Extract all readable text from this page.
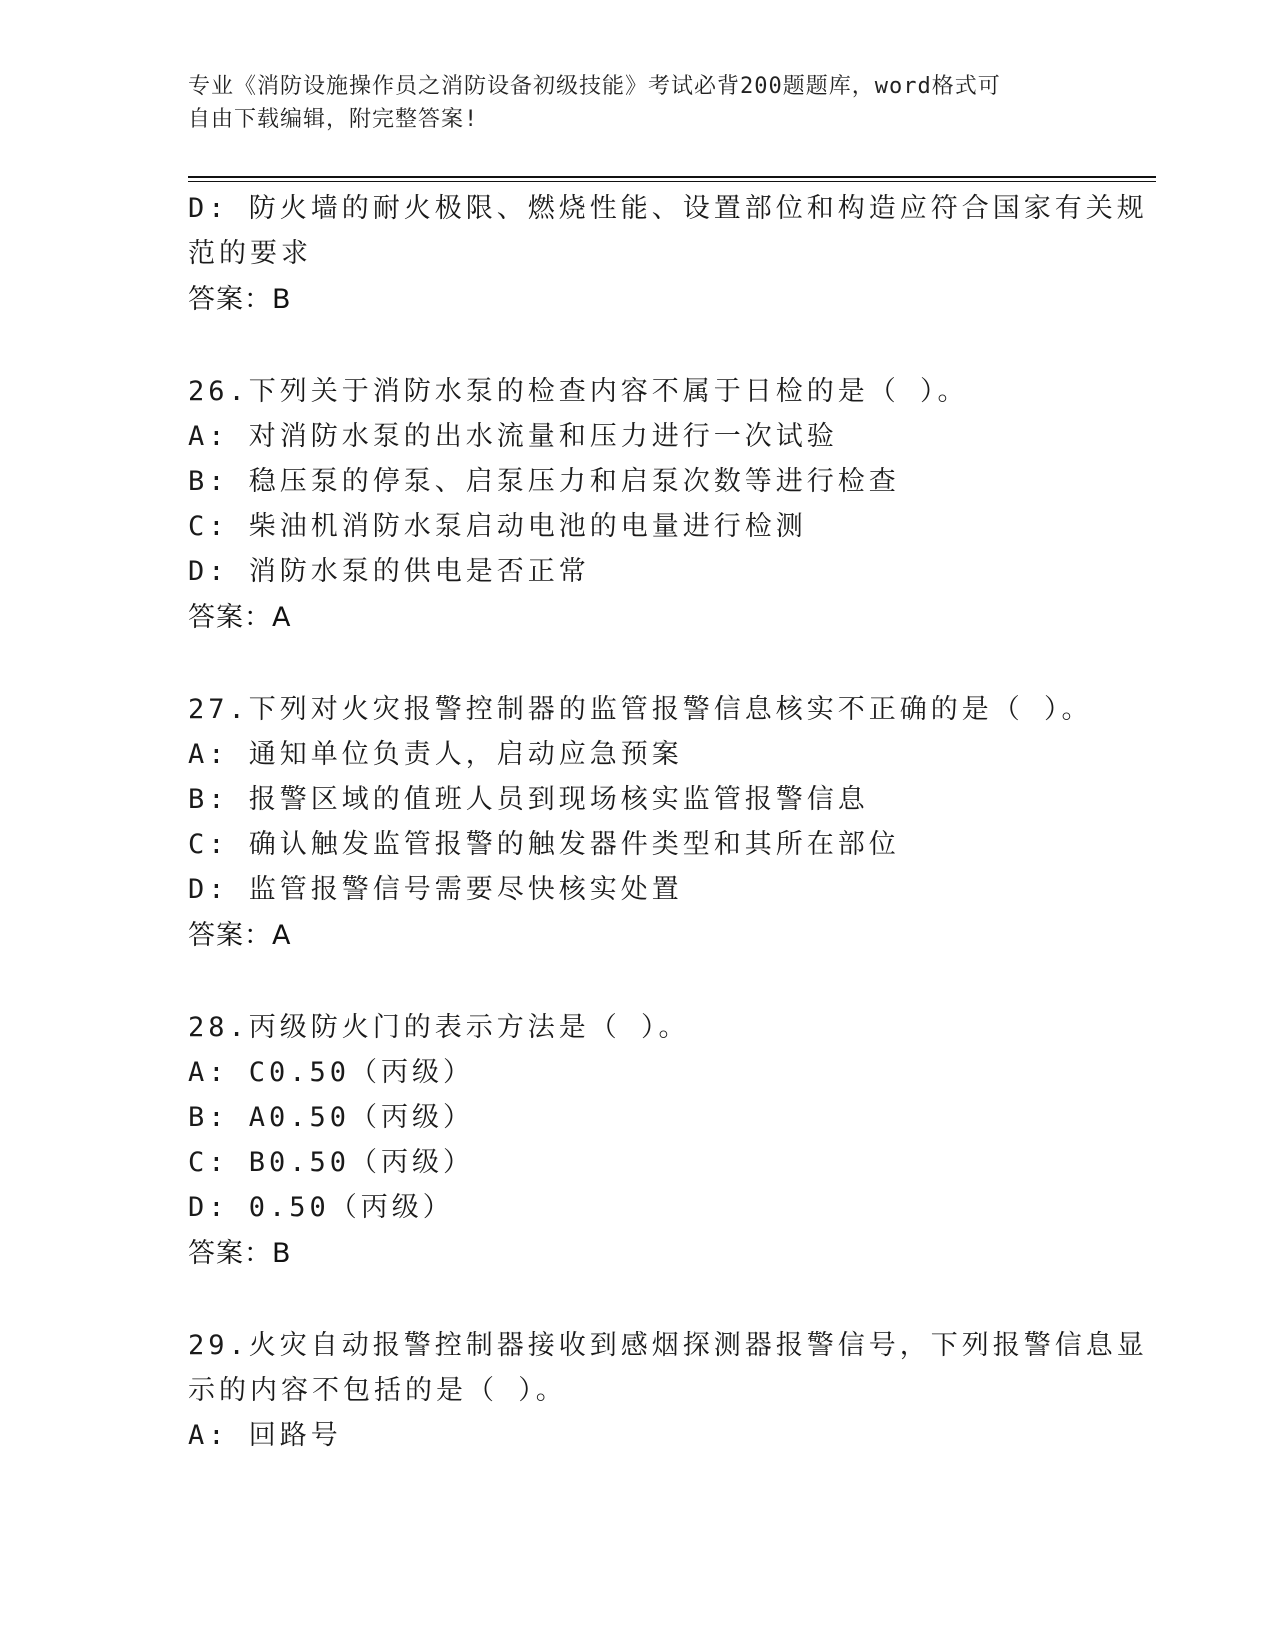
专业《消防设施操作员之消防设备初级技能》考试必背200题题库，word格式可
自由下载编辑，附完整答案!
D: 防火墙的耐火极限、燃烧性能、设置部位和构造应符合国家有关规
范的要求
答案：B
26.下列关于消防水泵的检查内容不属于日检的是（ ）。
A: 对消防水泵的出水流量和压力进行一次试验
B: 稳压泵的停泵、启泵压力和启泵次数等进行检查
C: 柴油机消防水泵启动电池的电量进行检测
D: 消防水泵的供电是否正常
答案：A
27.下列对火灾报警控制器的监管报警信息核实不正确的是（ ）。
A: 通知单位负责人，启动应急预案
B: 报警区域的值班人员到现场核实监管报警信息
C: 确认触发监管报警的触发器件类型和其所在部位
D: 监管报警信号需要尽快核实处置
答案：A
28.丙级防火门的表示方法是（ ）。
A: C0.50（丙级）
B: A0.50（丙级）
C: B0.50（丙级）
D: 0.50（丙级）
答案：B
29.火灾自动报警控制器接收到感烟探测器报警信号，下列报警信息显
示的内容不包括的是（ ）。
A: 回路号
